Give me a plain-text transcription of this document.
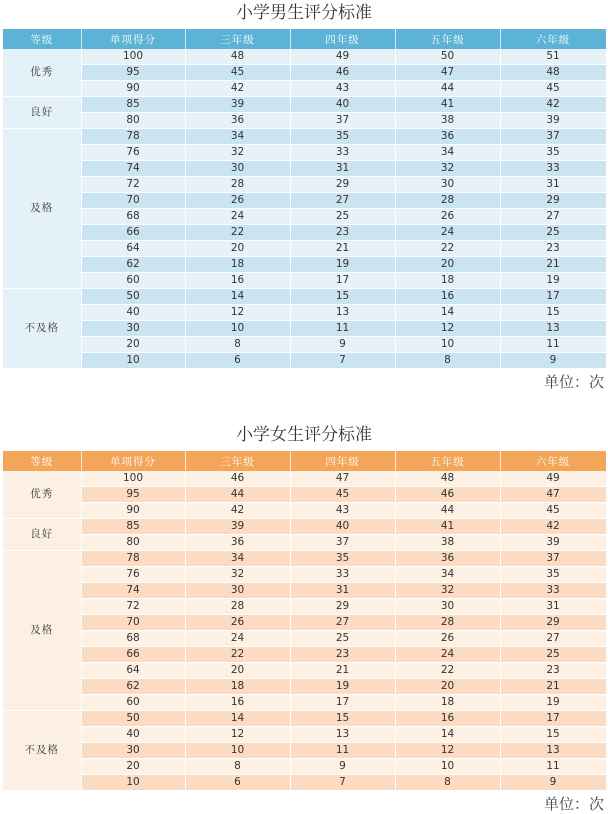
小学男生评分标准
等级	单项得分	三年级	四年级	五年级	六年级
优秀	100	48	49	50	51
	95	45	46	47	48
	90	42	43	44	45
良好	85	39	40	41	42
	80	36	37	38	39
及格	78	34	35	36	37
	76	32	33	34	35
	74	30	31	32	33
	72	28	29	30	31
	70	26	27	28	29
	68	24	25	26	27
	66	22	23	24	25
	64	20	21	22	23
	62	18	19	20	21
	60	16	17	18	19
不及格	50	14	15	16	17
	40	12	13	14	15
	30	10	11	12	13
	20	8	9	10	11
	10	6	7	8	9
单位：次
小学女生评分标准
等级	单项得分	三年级	四年级	五年级	六年级
优秀	100	46	47	48	49
	95	44	45	46	47
	90	42	43	44	45
良好	85	39	40	41	42
	80	36	37	38	39
及格	78	34	35	36	37
	76	32	33	34	35
	74	30	31	32	33
	72	28	29	30	31
	70	26	27	28	29
	68	24	25	26	27
	66	22	23	24	25
	64	20	21	22	23
	62	18	19	20	21
	60	16	17	18	19
不及格	50	14	15	16	17
	40	12	13	14	15
	30	10	11	12	13
	20	8	9	10	11
	10	6	7	8	9
单位：次
